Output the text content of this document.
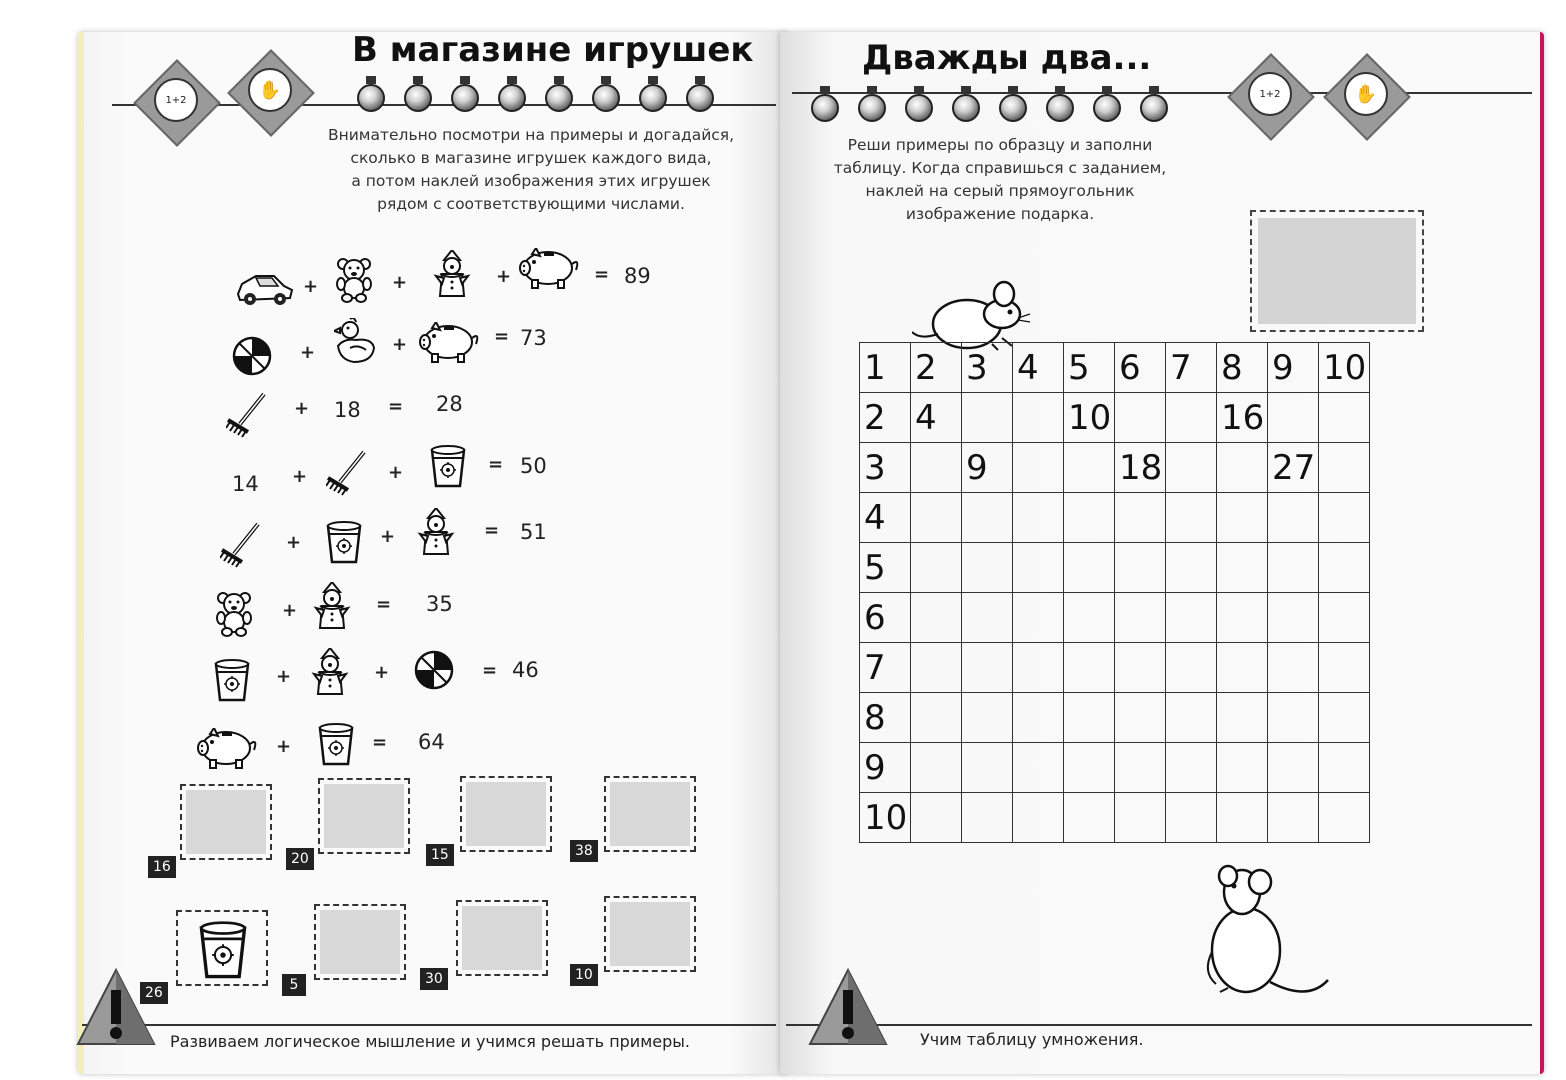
1+2	✋
В магазине игрушек
Внимательно посмотри на примеры и догадайся,
сколько в магазине игрушек каждого вида,
а потом наклей изображения этих игрушек
рядом с соответствующими числами.
+	+	+	= 89
+	+	= 73
+ 18 = 28
14 +	+	= 50
+	+	= 51
+	= 35
+	+	= 46
+	= 64
16	20	15	38
26	5	30	10
Развиваем логическое мышление и учимся решать примеры.
Дважды два...
1+2	✋
Реши примеры по образцу и заполни
таблицу. Когда справишься с заданием,
наклей на серый прямоугольник
изображение подарка.
1	2	3	4	5	6	7	8	9	10
2	4			10			16		
3		9			18			27	
4									
5									
6									
7									
8									
9									
10									
Учим таблицу умножения.
